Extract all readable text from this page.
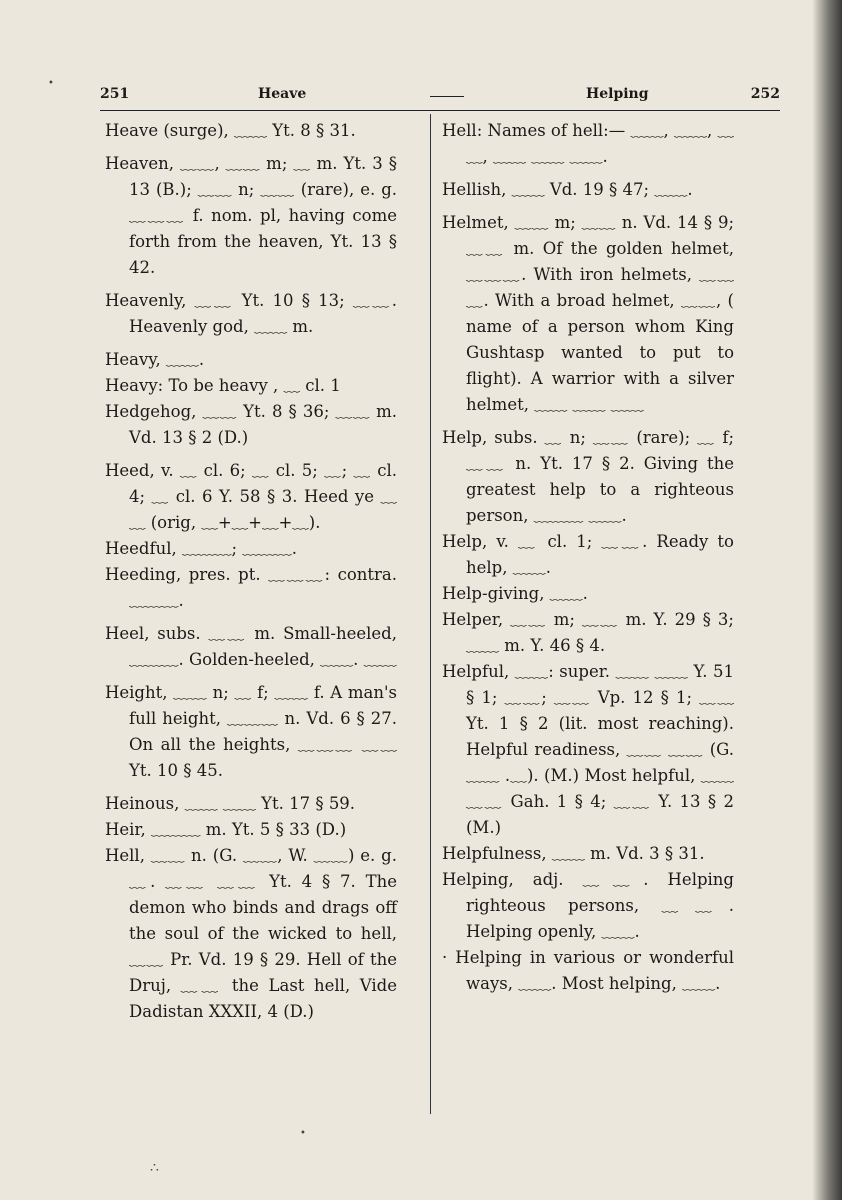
251	Heave	Helping	252

Heave (surge), ﹏﹏ Yt. 8 § 31.

Heaven, ﹏﹏, ﹏﹏ m; ﹏ m. Yt. 3 § 13 (B.); ﹏﹏ n; ﹏﹏ (rare), e. g. ﹏﹏﹏ f. nom. pl, having come forth from the heaven, Yt. 13 § 42.

Heavenly, ﹏﹏ Yt. 10 § 13; ﹏﹏. Heavenly god, ﹏﹏ m.

Heavy, ﹏﹏.

Heavy: To be heavy , ﹏ cl. 1

Hedgehog, ﹏﹏ Yt. 8 § 36; ﹏﹏ m. Vd. 13 § 2 (D.)

Heed, v. ﹏ cl. 6; ﹏ cl. 5; ﹏; ﹏ cl. 4; ﹏ cl. 6 Y. 58 § 3. Heed ye ﹏﹏ (orig, ﹏+﹏+﹏+﹏).

Heedful, ﹏﹏﹏; ﹏﹏﹏.

Heeding, pres. pt. ﹏﹏﹏: contra. ﹏﹏﹏.

Heel, subs. ﹏﹏ m. Small-heeled, ﹏﹏﹏. Golden-heeled, ﹏﹏. ﹏﹏

Height, ﹏﹏ n; ﹏ f; ﹏﹏ f. A man's full height, ﹏﹏﹏ n. Vd. 6 § 27. On all the heights, ﹏﹏﹏ ﹏﹏ Yt. 10 § 45.

Heinous, ﹏﹏ ﹏﹏ Yt. 17 § 59.

Heir, ﹏﹏﹏ m. Yt. 5 § 33 (D.)

Hell, ﹏﹏ n. (G. ﹏﹏, W. ﹏﹏) e. g. ﹏. ﹏﹏ ﹏﹏ Yt. 4 § 7. The demon who binds and drags off the soul of the wicked to hell, ﹏﹏ Pr. Vd. 19 § 29. Hell of the Druj, ﹏﹏ the Last hell, Vide Dadistan XXXII, 4 (D.)

Hell: Names of hell:— ﹏﹏, ﹏﹏, ﹏﹏, ﹏﹏ ﹏﹏ ﹏﹏.

Hellish, ﹏﹏ Vd. 19 § 47; ﹏﹏.

Helmet, ﹏﹏ m; ﹏﹏ n. Vd. 14 § 9; ﹏﹏ m. Of the golden helmet, ﹏﹏﹏. With iron helmets, ﹏﹏﹏. With a broad helmet, ﹏﹏, ( name of a person whom King Gushtasp wanted to put to flight). A warrior with a silver helmet, ﹏﹏ ﹏﹏ ﹏﹏

Help, subs. ﹏ n; ﹏﹏ (rare); ﹏ f; ﹏﹏ n. Yt. 17 § 2. Giving the greatest help to a righteous person, ﹏﹏﹏ ﹏﹏.

Help, v. ﹏ cl. 1; ﹏﹏. Ready to help, ﹏﹏.

Help-giving, ﹏﹏.

Helper, ﹏﹏ m; ﹏﹏ m. Y. 29 § 3; ﹏﹏ m. Y. 46 § 4.

Helpful, ﹏﹏: super. ﹏﹏ ﹏﹏ Y. 51 § 1; ﹏﹏; ﹏﹏ Vp. 12 § 1; ﹏﹏ Yt. 1 § 2 (lit. most reaching). Helpful readiness, ﹏﹏ ﹏﹏ (G. ﹏﹏ .﹏). (M.) Most helpful, ﹏﹏ ﹏﹏ Gah. 1 § 4; ﹏﹏ Y. 13 § 2 (M.)

Helpfulness, ﹏﹏ m. Vd. 3 § 31.

Helping, adj. ﹏﹏. Helping righteous persons, ﹏﹏. Helping openly, ﹏﹏.

· Helping in various or wonderful ways, ﹏﹏. Most helping, ﹏﹏.

•
∴
•
